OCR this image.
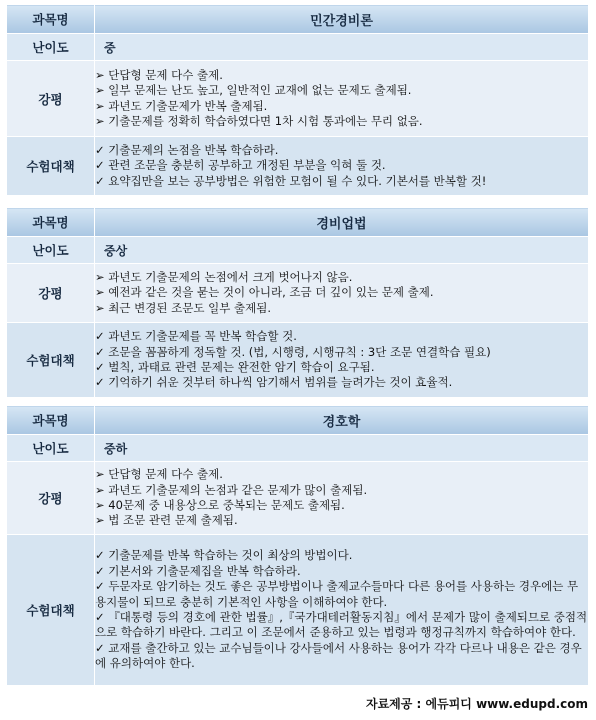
과목명	민간경비론
난이도	중
강평	➢ 단답형 문제 다수 출제.
➢ 일부 문제는 난도 높고, 일반적인 교재에 없는 문제도 출제됨.
➢ 과년도 기출문제가 반복 출제됨.
➢ 기출문제를 정확히 학습하였다면 1차 시험 통과에는 무리 없음.

수험대책	✓ 기출문제의 논점을 반복 학습하라.
✓ 관련 조문을 충분히 공부하고 개정된 부분을 익혀 둘 것.
✓ 요약집만을 보는 공부방법은 위험한 모험이 될 수 있다. 기본서를 반복할 것!
과목명	경비업법
난이도	중상
강평	➢ 과년도 기출문제의 논점에서 크게 벗어나지 않음.
➢ 예전과 같은 것을 묻는 것이 아니라, 조금 더 깊이 있는 문제 출제.
➢ 최근 변경된 조문도 일부 출제됨.

수험대책	✓ 과년도 기출문제를 꼭 반복 학습할 것.
✓ 조문을 꼼꼼하게 정독할 것. (법, 시행령, 시행규칙 : 3단 조문 연결학습 필요)
✓ 벌칙, 과태료 관련 문제는 완전한 암기 학습이 요구됨.
✓ 기억하기 쉬운 것부터 하나씩 암기해서 범위를 늘려가는 것이 효율적.
과목명	경호학
난이도	중하
강평	➢ 단답형 문제 다수 출제.
➢ 과년도 기출문제의 논점과 같은 문제가 많이 출제됨.
➢ 40문제 중 내용상으로 중복되는 문제도 출제됨.
➢ 법 조문 관련 문제 출제됨.

수험대책	✓ 기출문제를 반복 학습하는 것이 최상의 방법이다.
✓ 기본서와 기출문제집을 반복 학습하라.
✓ 두문자로 암기하는 것도 좋은 공부방법이나 출제교수들마다 다른 용어를 사용하는 경우에는 무용지물이 되므로 충분히 기본적인 사항을 이해하여야 한다.
✓ 『대통령 등의 경호에 관한 법률』,『국가대테러활동지침』에서 문제가 많이 출제되므로 중점적으로 학습하기 바란다. 그리고 이 조문에서 준용하고 있는 법령과 행정규칙까지 학습하여야 한다.
✓ 교재를 출간하고 있는 교수님들이나 강사들에서 사용하는 용어가 각각 다르나 내용은 같은 경우에 유의하여야 한다.
자료제공 : 에듀피디 www.edupd.com
